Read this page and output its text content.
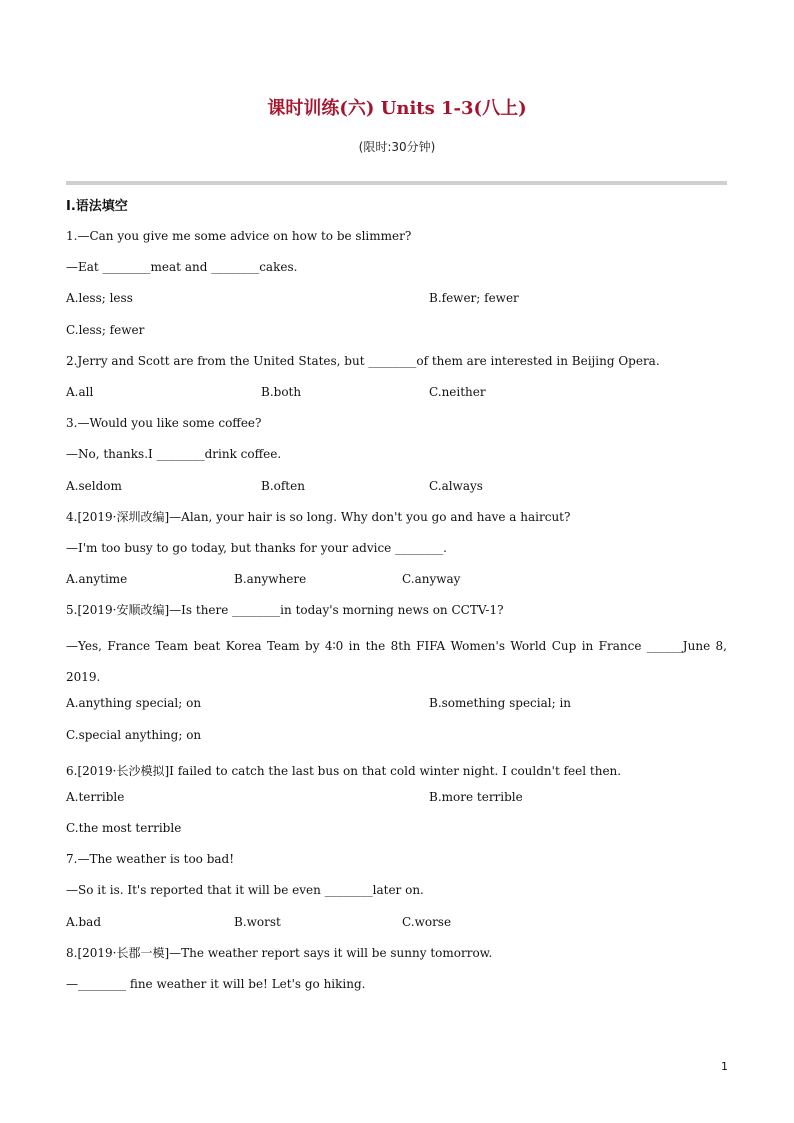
课时训练(六) Units 1-3(八上)
(限时:30分钟)
Ⅰ.语法填空
1.—Can you give me some advice on how to be slimmer?
—Eat ________meat and ________cakes.
A.less; less	B.fewer; fewer
C.less; fewer
2.Jerry and Scott are from the United States, but ________of them are interested in Beijing Opera.
A.all	B.both	C.neither
3.—Would you like some coffee?
—No, thanks.I ________drink coffee.
A.seldom	B.often	C.always
4.[2019·深圳改编]—Alan, your hair is so long. Why don't you go and have a haircut?
—I'm too busy to go today, but thanks for your advice ________.
A.anytime	B.anywhere	C.anyway
5.[2019·安顺改编]—Is there ________in today's morning news on CCTV-1?
—Yes, France Team beat Korea Team by 4∶0 in the 8th FIFA Women's World Cup in France ______June 8, 2019.
A.anything special; on	B.something special; in
C.special anything; on
6.[2019·长沙模拟]I failed to catch the last bus on that cold winter night. I couldn't feel then.
A.terrible	B.more terrible
C.the most terrible
7.—The weather is too bad!
—So it is. It's reported that it will be even ________later on.
A.bad	B.worst	C.worse
8.[2019·长郡一模]—The weather report says it will be sunny tomorrow.
—________ fine weather it will be! Let's go hiking.
1
